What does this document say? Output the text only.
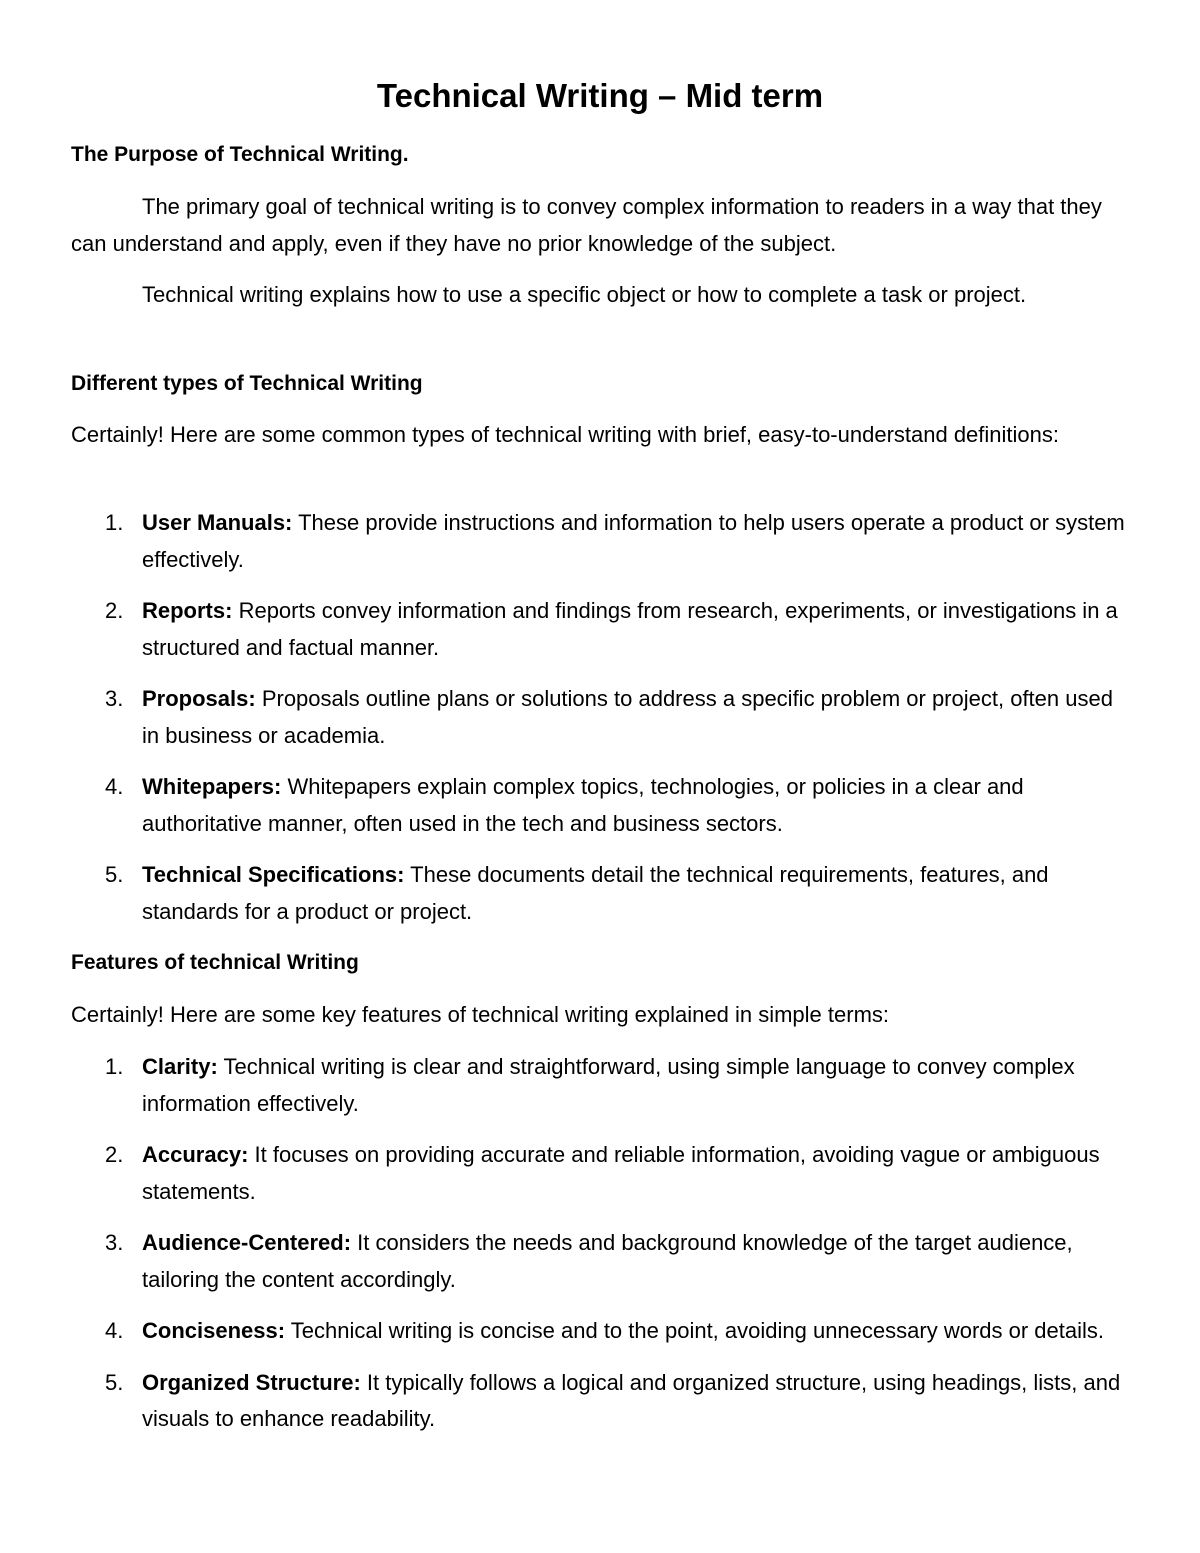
Technical Writing – Mid term
The Purpose of Technical Writing.

The primary goal of technical writing is to convey complex information to readers in a way that they can understand and apply, even if they have no prior knowledge of the subject.

Technical writing explains how to use a specific object or how to complete a task or project.

Different types of Technical Writing

Certainly! Here are some common types of technical writing with brief, easy-to-understand definitions:

1. User Manuals: These provide instructions and information to help users operate a product or system effectively.
2. Reports: Reports convey information and findings from research, experiments, or investigations in a structured and factual manner.
3. Proposals: Proposals outline plans or solutions to address a specific problem or project, often used in business or academia.
4. Whitepapers: Whitepapers explain complex topics, technologies, or policies in a clear and authoritative manner, often used in the tech and business sectors.
5. Technical Specifications: These documents detail the technical requirements, features, and standards for a product or project.
Features of technical Writing

Certainly! Here are some key features of technical writing explained in simple terms:

1. Clarity: Technical writing is clear and straightforward, using simple language to convey complex information effectively.
2. Accuracy: It focuses on providing accurate and reliable information, avoiding vague or ambiguous statements.
3. Audience-Centered: It considers the needs and background knowledge of the target audience, tailoring the content accordingly.
4. Conciseness: Technical writing is concise and to the point, avoiding unnecessary words or details.
5. Organized Structure: It typically follows a logical and organized structure, using headings, lists, and visuals to enhance readability.
